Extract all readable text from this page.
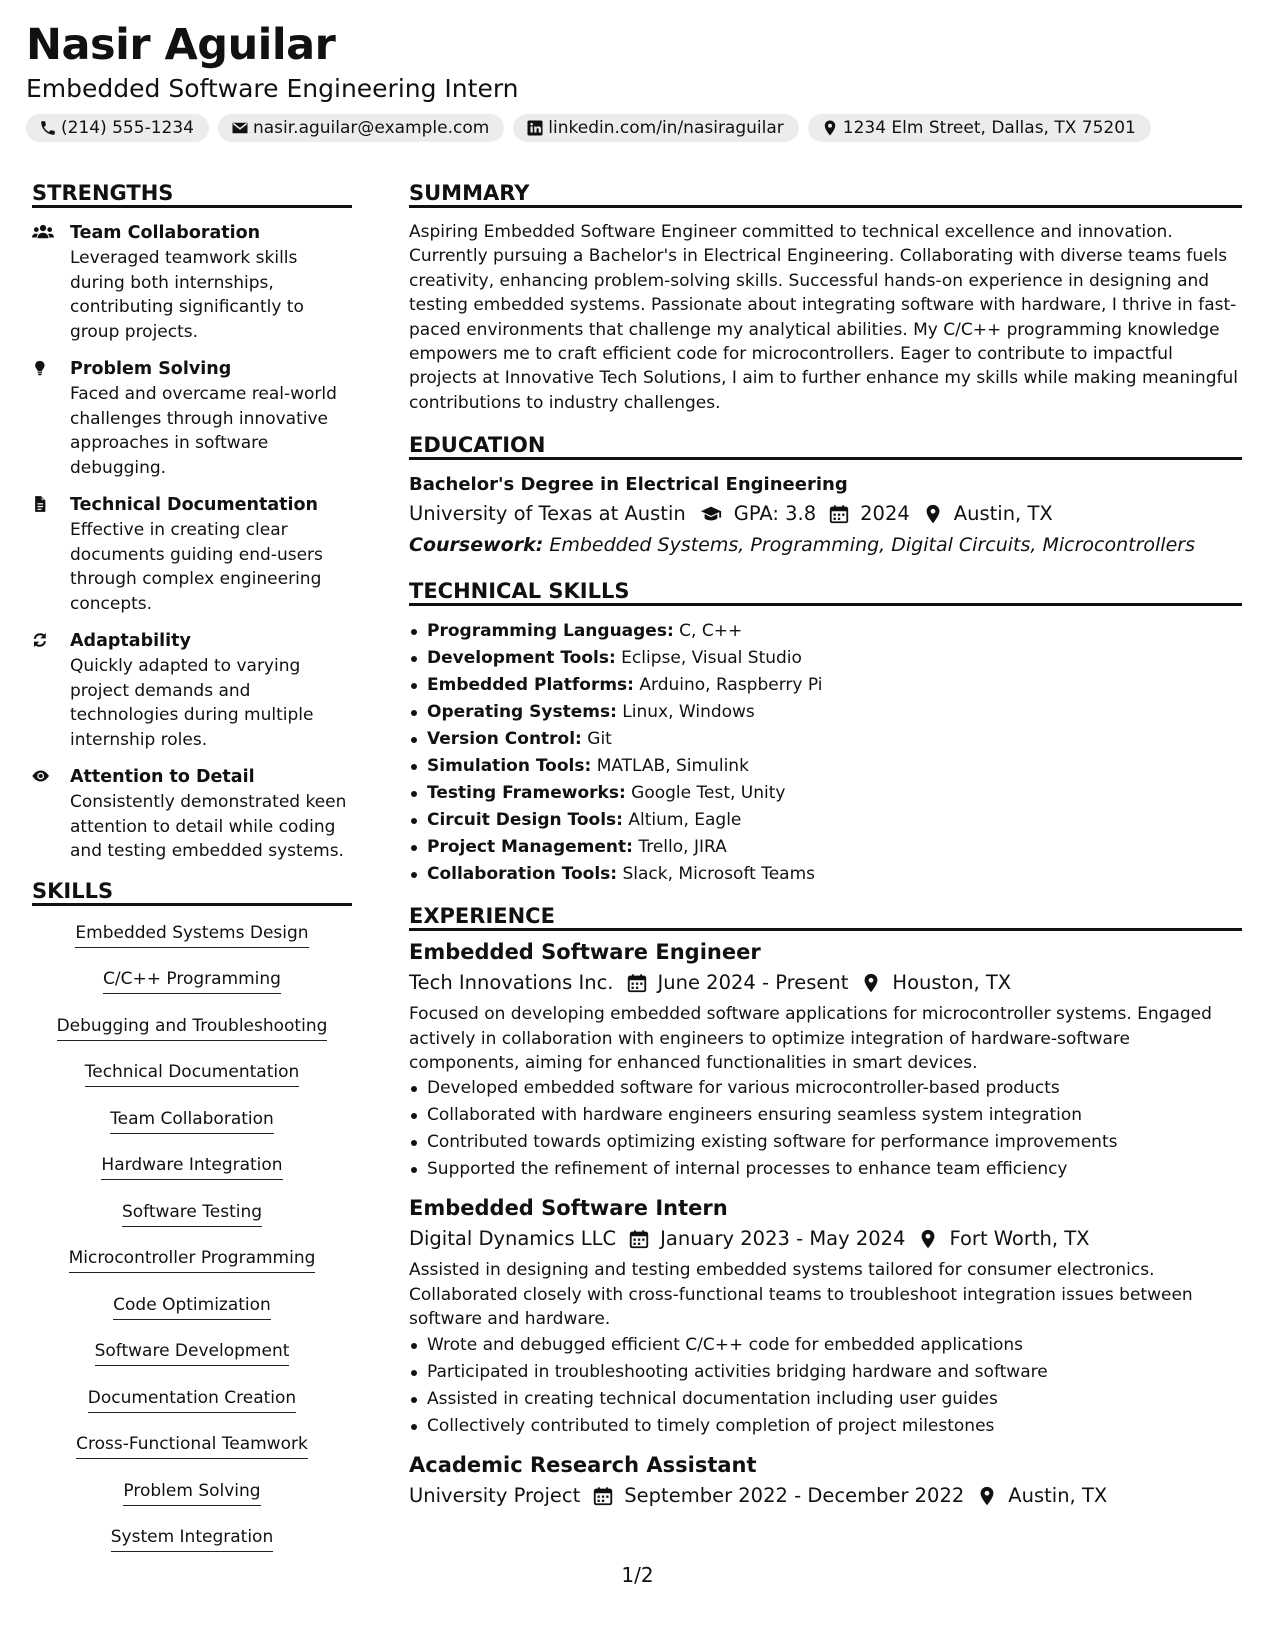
Nasir Aguilar
Embedded Software Engineering Intern
(214) 555-1234	nasir.aguilar@example.com	linkedin.com/in/nasiraguilar	1234 Elm Street, Dallas, TX 75201
STRENGTHS
Team Collaboration
Leveraged teamwork skills during both internships, contributing significantly to group projects.
Problem Solving
Faced and overcame real-world challenges through innovative approaches in software debugging.
Technical Documentation
Effective in creating clear documents guiding end-users through complex engineering concepts.
Adaptability
Quickly adapted to varying project demands and technologies during multiple internship roles.
Attention to Detail
Consistently demonstrated keen attention to detail while coding and testing embedded systems.
SKILLS
Embedded Systems Design
C/C++ Programming
Debugging and Troubleshooting
Technical Documentation
Team Collaboration
Hardware Integration
Software Testing
Microcontroller Programming
Code Optimization
Software Development
Documentation Creation
Cross-Functional Teamwork
Problem Solving
System Integration
SUMMARY
Aspiring Embedded Software Engineer committed to technical excellence and innovation. Currently pursuing a Bachelor's in Electrical Engineering. Collaborating with diverse teams fuels creativity, enhancing problem-solving skills. Successful hands-on experience in designing and testing embedded systems. Passionate about integrating software with hardware, I thrive in fast-paced environments that challenge my analytical abilities. My C/C++ programming knowledge empowers me to craft efficient code for microcontrollers. Eager to contribute to impactful projects at Innovative Tech Solutions, I aim to further enhance my skills while making meaningful contributions to industry challenges.
EDUCATION
Bachelor's Degree in Electrical Engineering
University of Texas at Austin GPA: 3.8 2024 Austin, TX
Coursework: Embedded Systems, Programming, Digital Circuits, Microcontrollers
TECHNICAL SKILLS
Programming Languages: C, C++
Development Tools: Eclipse, Visual Studio
Embedded Platforms: Arduino, Raspberry Pi
Operating Systems: Linux, Windows
Version Control: Git
Simulation Tools: MATLAB, Simulink
Testing Frameworks: Google Test, Unity
Circuit Design Tools: Altium, Eagle
Project Management: Trello, JIRA
Collaboration Tools: Slack, Microsoft Teams
EXPERIENCE
Embedded Software Engineer
Tech Innovations Inc. June 2024 - Present Houston, TX
Focused on developing embedded software applications for microcontroller systems. Engaged actively in collaboration with engineers to optimize integration of hardware-software components, aiming for enhanced functionalities in smart devices.
Developed embedded software for various microcontroller-based products
Collaborated with hardware engineers ensuring seamless system integration
Contributed towards optimizing existing software for performance improvements
Supported the refinement of internal processes to enhance team efficiency
Embedded Software Intern
Digital Dynamics LLC January 2023 - May 2024 Fort Worth, TX
Assisted in designing and testing embedded systems tailored for consumer electronics. Collaborated closely with cross-functional teams to troubleshoot integration issues between software and hardware.
Wrote and debugged efficient C/C++ code for embedded applications
Participated in troubleshooting activities bridging hardware and software
Assisted in creating technical documentation including user guides
Collectively contributed to timely completion of project milestones
Academic Research Assistant
University Project September 2022 - December 2022 Austin, TX
1/2
